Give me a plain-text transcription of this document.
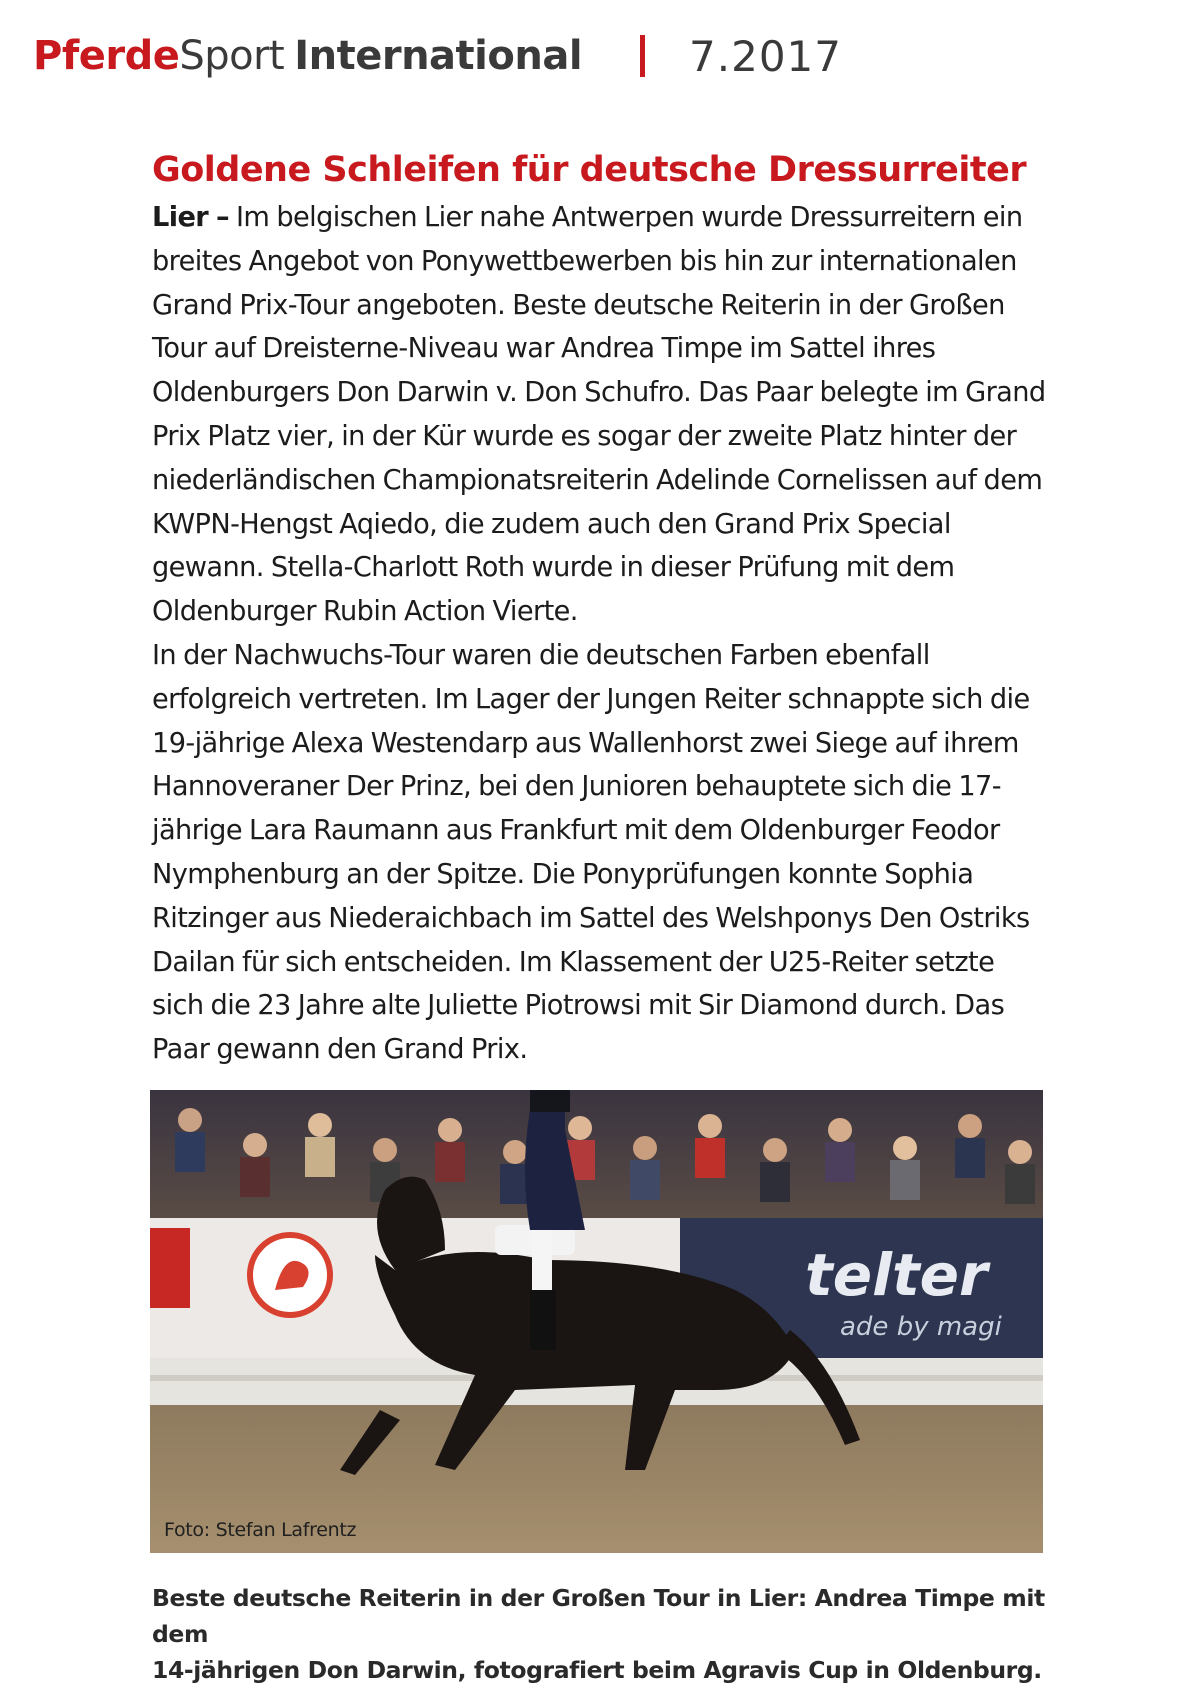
Pferde Sport International	7.2017
Goldene Schleifen für deutsche Dressurreiter

Lier – Im belgischen Lier nahe Antwerpen wurde Dressurreitern ein breites Angebot von Ponywettbewerben bis hin zur internationalen Grand Prix-Tour angeboten. Beste deutsche Reiterin in der Großen Tour auf Dreisterne-Niveau war Andrea Timpe im Sattel ihres Oldenburgers Don Darwin v. Don Schufro. Das Paar belegte im Grand Prix Platz vier, in der Kür wurde es sogar der zweite Platz hinter der niederländischen Championatsreiterin Adelinde Cornelissen auf dem KWPN-Hengst Aqiedo, die zudem auch den Grand Prix Special gewann. Stella-Charlott Roth wurde in dieser Prüfung mit dem Oldenburger Rubin Action Vierte.

In der Nachwuchs-Tour waren die deutschen Farben ebenfall erfolgreich vertreten. Im Lager der Jungen Reiter schnappte sich die 19-jährige Alexa Westendarp aus Wallenhorst zwei Siege auf ihrem Hannoveraner Der Prinz, bei den Junioren behauptete sich die 17-jährige Lara Raumann aus Frankfurt mit dem Oldenburger Feodor Nymphenburg an der Spitze. Die Ponyprüfungen konnte Sophia Ritzinger aus Niederaichbach im Sattel des Welshponys Den Ostriks Dailan für sich entscheiden. Im Klassement der U25-Reiter setzte sich die 23 Jahre alte Juliette Piotrowsi mit Sir Diamond durch. Das Paar gewann den Grand Prix.

telter
ade by magi
Foto: Stefan Lafrentz

Beste deutsche Reiterin in der Großen Tour in Lier: Andrea Timpe mit dem

14-jährigen Don Darwin, fotografiert beim Agravis Cup in Oldenburg.
